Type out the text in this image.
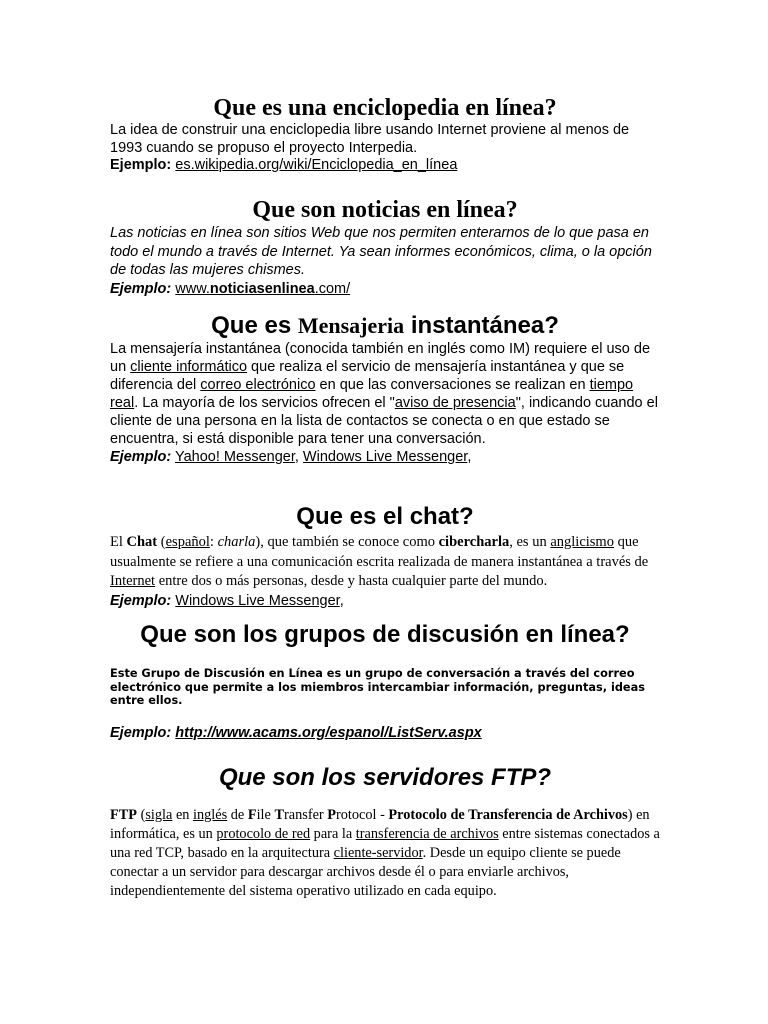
Que es una enciclopedia en línea?

La idea de construir una enciclopedia libre usando Internet proviene al menos de 1993 cuando se propuso el proyecto Interpedia.

Ejemplo: es.wikipedia.org/wiki/Enciclopedia_en_línea

Que son noticias en línea?

Las noticias en línea son sitios Web que nos permiten enterarnos de lo que pasa en todo el mundo a través de Internet. Ya sean informes económicos, clima, o la opción de todas las mujeres chismes.

Ejemplo: www.noticiasenlinea.com/

Que es Mensajeria instantánea?

La mensajería instantánea (conocida también en inglés como IM) requiere el uso de un cliente informático que realiza el servicio de mensajería instantánea y que se diferencia del correo electrónico en que las conversaciones se realizan en tiempo real. La mayoría de los servicios ofrecen el "aviso de presencia", indicando cuando el cliente de una persona en la lista de contactos se conecta o en que estado se encuentra, si está disponible para tener una conversación.

Ejemplo: Yahoo! Messenger, Windows Live Messenger,

Que es el chat?

El Chat (español: charla), que también se conoce como cibercharla, es un anglicismo que usualmente se refiere a una comunicación escrita realizada de manera instantánea a través de Internet entre dos o más personas, desde y hasta cualquier parte del mundo.

Ejemplo: Windows Live Messenger,

Que son los grupos de discusión en línea?

Este Grupo de Discusión en Línea es un grupo de conversación a través del correo electrónico que permite a los miembros intercambiar información, preguntas, ideas entre ellos.

Ejemplo: http://www.acams.org/espanol/ListServ.aspx

Que son los servidores FTP?

FTP (sigla en inglés de File Transfer Protocol - Protocolo de Transferencia de Archivos) en informática, es un protocolo de red para la transferencia de archivos entre sistemas conectados a una red TCP, basado en la arquitectura cliente-servidor. Desde un equipo cliente se puede conectar a un servidor para descargar archivos desde él o para enviarle archivos, independientemente del sistema operativo utilizado en cada equipo.
